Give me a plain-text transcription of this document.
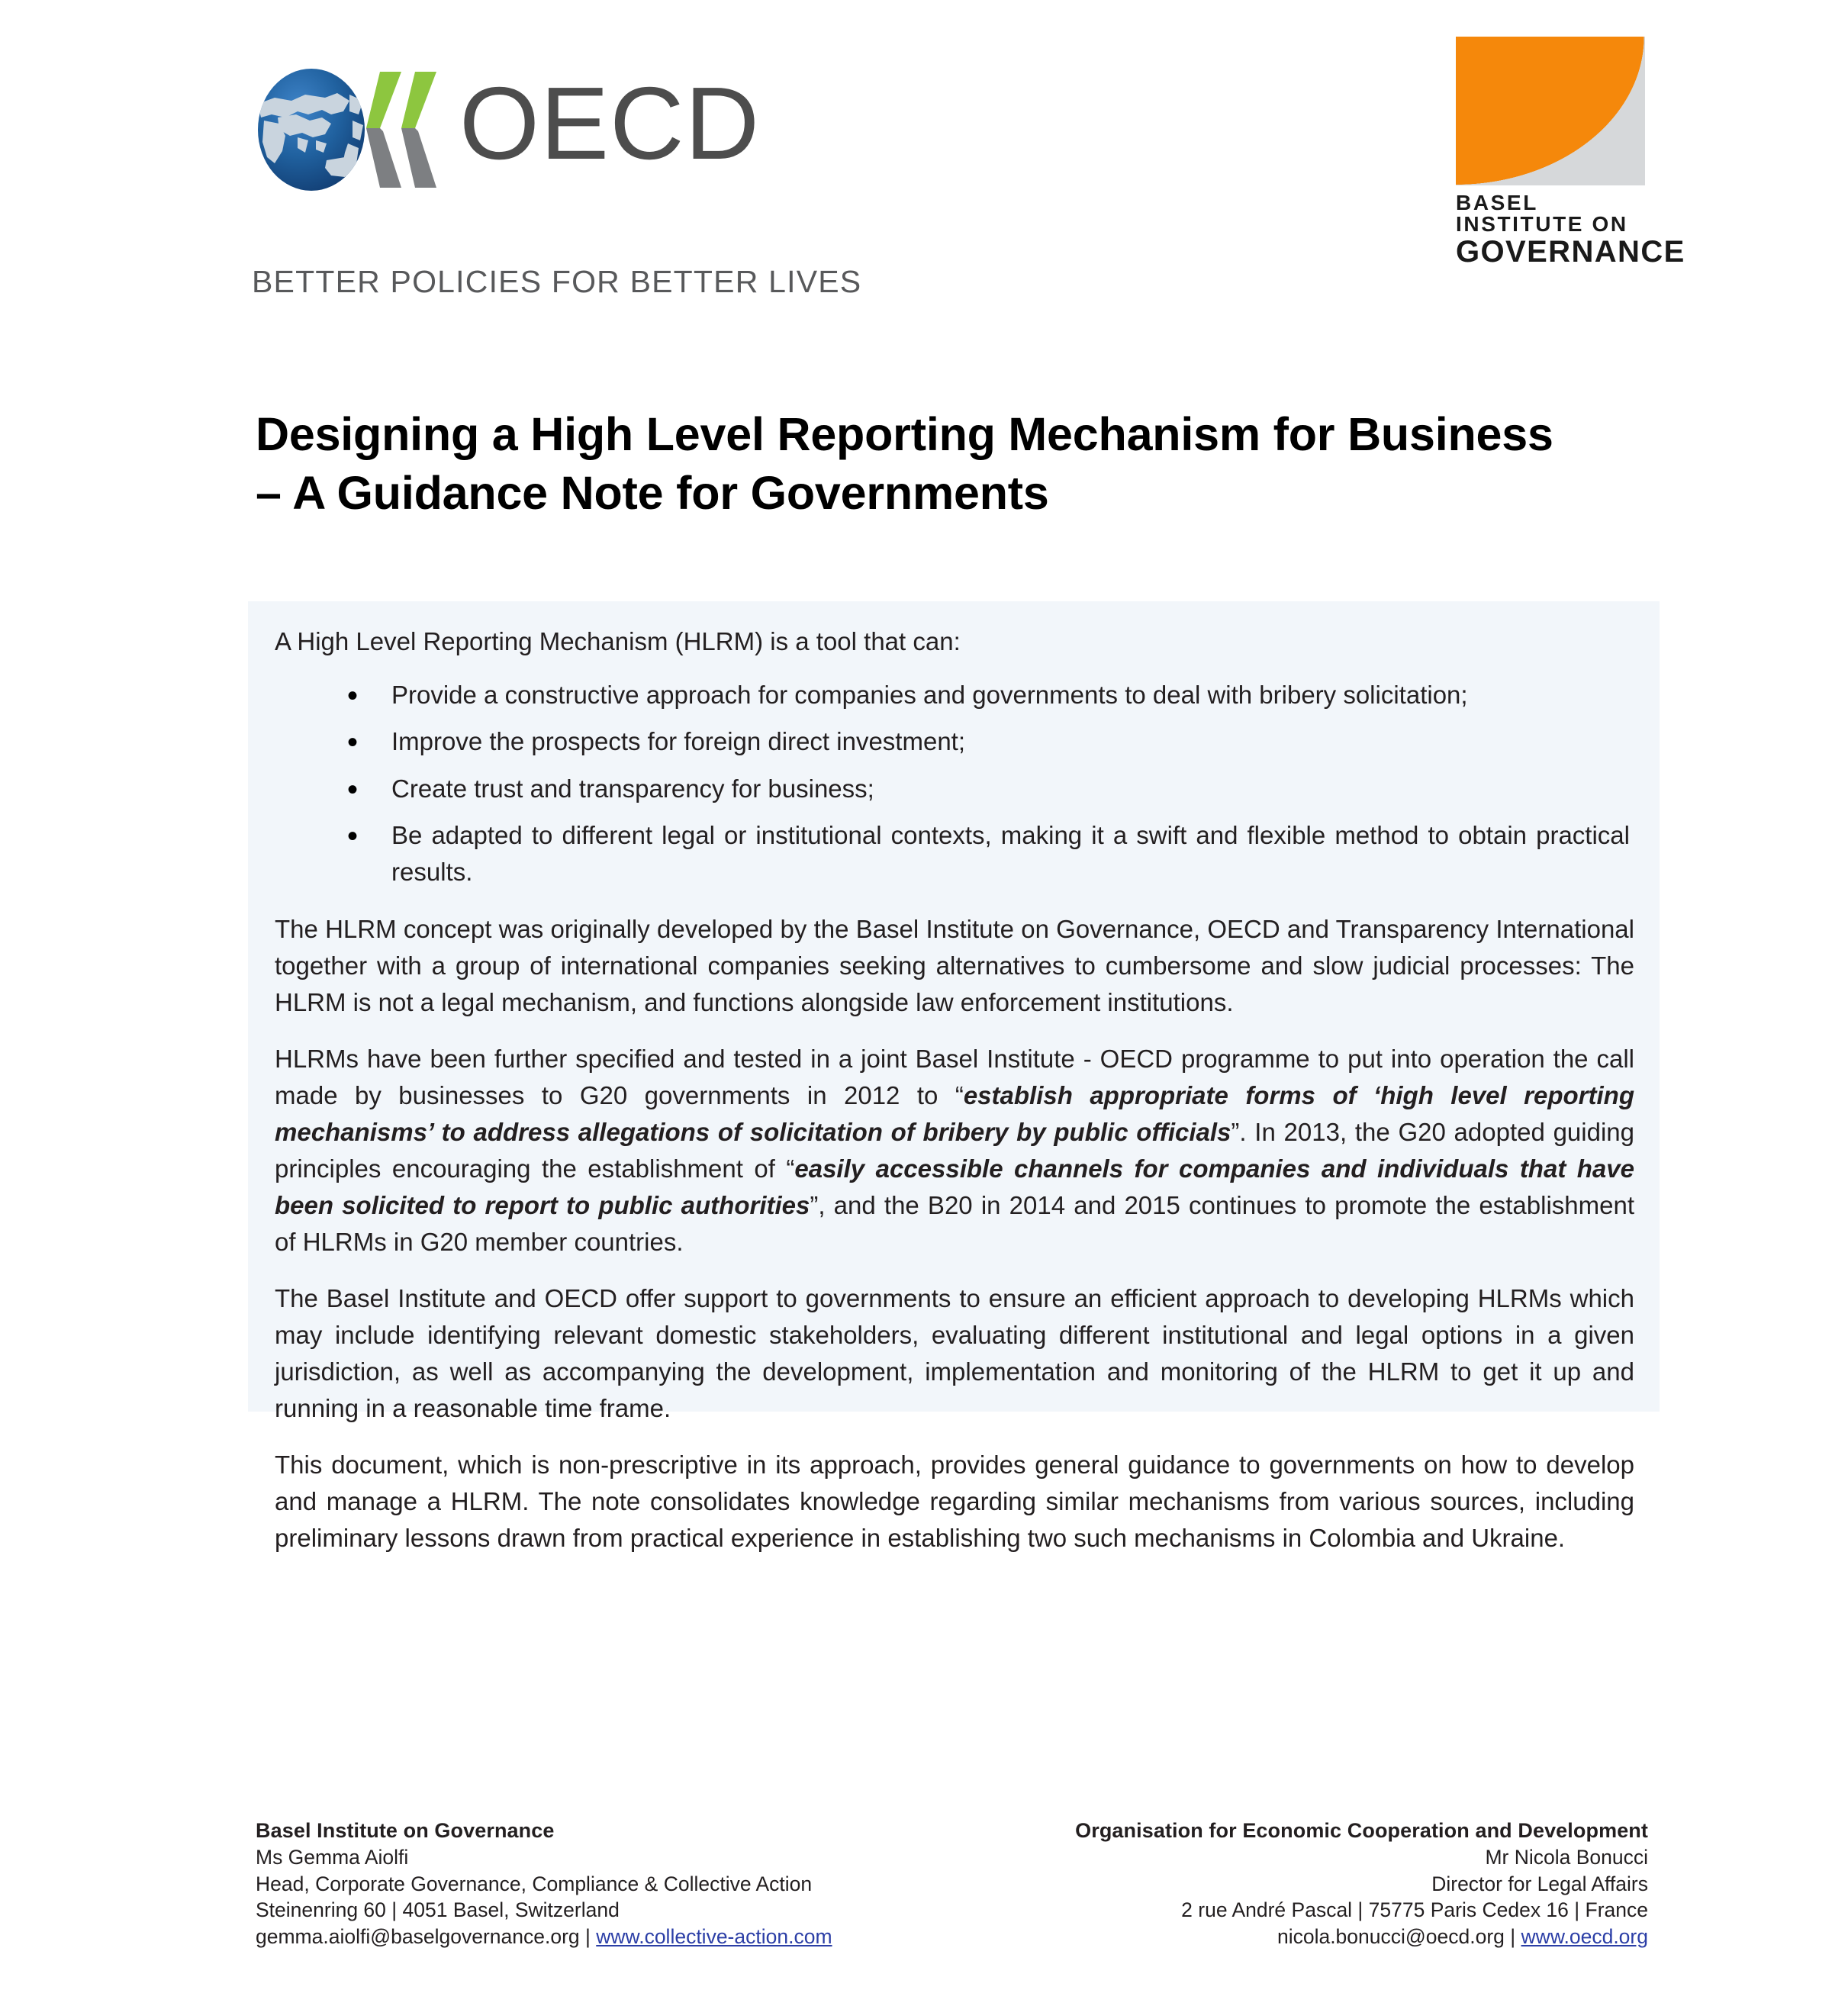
OECD
BETTER POLICIES FOR BETTER LIVES
BASEL INSTITUTE ON
GOVERNANCE
Designing a High Level Reporting Mechanism for Business – A Guidance Note for Governments

A High Level Reporting Mechanism (HLRM) is a tool that can:

• Provide a constructive approach for companies and governments to deal with bribery solicitation;
• Improve the prospects for foreign direct investment;
• Create trust and transparency for business;
• Be adapted to different legal or institutional contexts, making it a swift and flexible method to obtain practical results.

The HLRM concept was originally developed by the Basel Institute on Governance, OECD and Transparency International together with a group of international companies seeking alternatives to cumbersome and slow judicial processes: The HLRM is not a legal mechanism, and functions alongside law enforcement institutions.

HLRMs have been further specified and tested in a joint Basel Institute - OECD programme to put into operation the call made by businesses to G20 governments in 2012 to “establish appropriate forms of ‘high level reporting mechanisms’ to address allegations of solicitation of bribery by public officials”. In 2013, the G20 adopted guiding principles encouraging the establishment of “easily accessible channels for companies and individuals that have been solicited to report to public authorities”, and the B20 in 2014 and 2015 continues to promote the establishment of HLRMs in G20 member countries.

The Basel Institute and OECD offer support to governments to ensure an efficient approach to developing HLRMs which may include identifying relevant domestic stakeholders, evaluating different institutional and legal options in a given jurisdiction, as well as accompanying the development, implementation and monitoring of the HLRM to get it up and running in a reasonable time frame.

This document, which is non-prescriptive in its approach, provides general guidance to governments on how to develop and manage a HLRM. The note consolidates knowledge regarding similar mechanisms from various sources, including preliminary lessons drawn from practical experience in establishing two such mechanisms in Colombia and Ukraine.

Basel Institute on Governance
Ms Gemma Aiolfi
Head, Corporate Governance, Compliance & Collective Action
Steinenring 60 | 4051 Basel, Switzerland
gemma.aiolfi@baselgovernance.org | www.collective-action.com
Organisation for Economic Cooperation and Development
Mr Nicola Bonucci
Director for Legal Affairs
2 rue André Pascal | 75775 Paris Cedex 16 | France
nicola.bonucci@oecd.org | www.oecd.org
